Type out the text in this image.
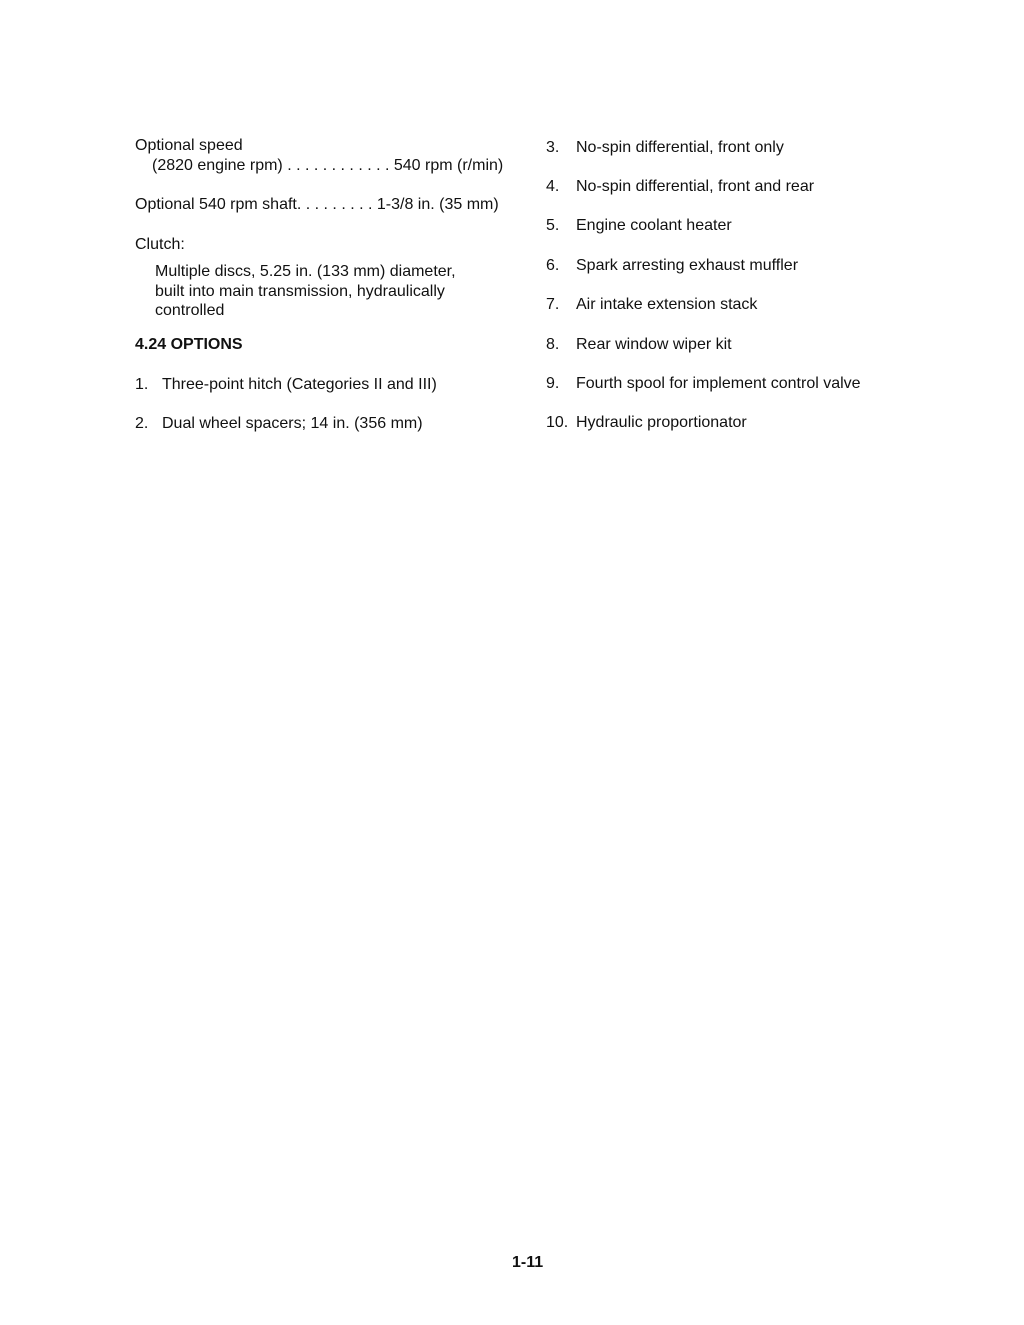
Optional speed
(2820 engine rpm) . . . . . . . . . . . . 540 rpm (r/min)
Optional 540 rpm shaft. . . . . . . . . 1-3/8 in. (35 mm)
Clutch:
Multiple discs, 5.25 in. (133 mm) diameter,
built into main transmission, hydraulically
controlled
4.24 OPTIONS
1. Three-point hitch (Categories II and III)
2. Dual wheel spacers; 14 in. (356 mm)
3. No-spin differential, front only
4. No-spin differential, front and rear
5. Engine coolant heater
6. Spark arresting exhaust muffler
7. Air intake extension stack
8. Rear window wiper kit
9. Fourth spool for implement control valve
10. Hydraulic proportionator
1-11
